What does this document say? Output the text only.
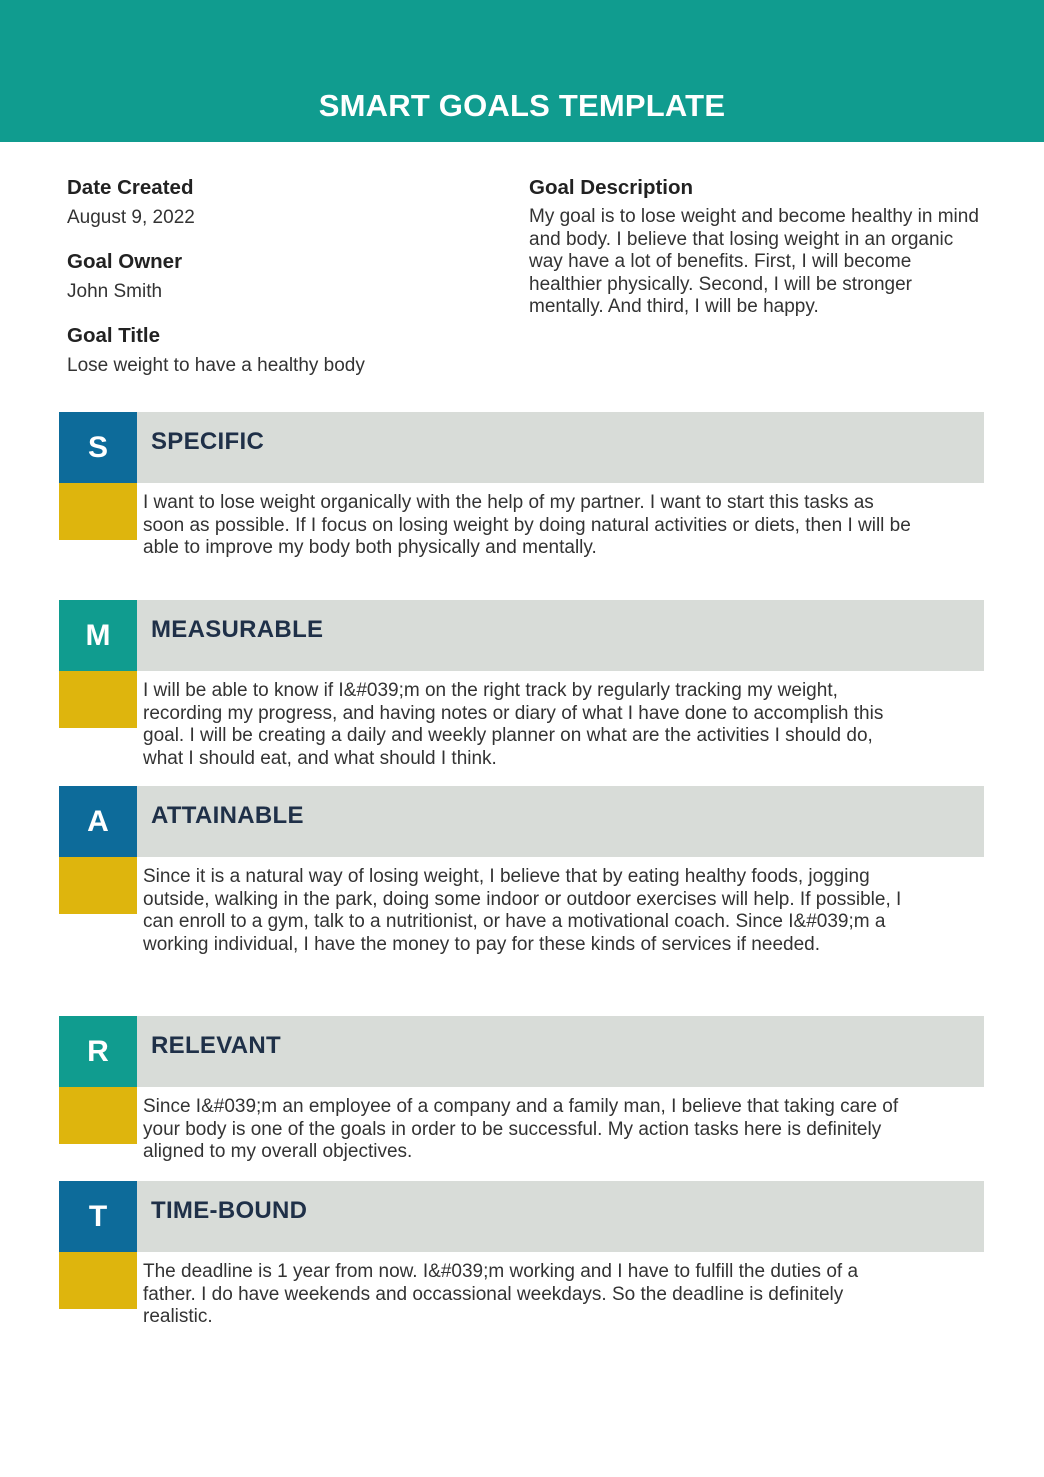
SMART GOALS TEMPLATE
Date Created
August 9, 2022
Goal Owner
John Smith
Goal Title
Lose weight to have a healthy body
Goal Description
My goal is to lose weight and become healthy in mind and body. I believe that losing weight in an organic way have a lot of benefits. First, I will become healthier physically. Second, I will be stronger mentally. And third, I will be happy.
S	SPECIFIC
I want to lose weight organically with the help of my partner. I want to start this tasks as soon as possible. If I focus on losing weight by doing natural activities or diets, then I will be able to improve my body both physically and mentally.
M	MEASURABLE
I will be able to know if I&#039;m on the right track by regularly tracking my weight, recording my progress, and having notes or diary of what I have done to accomplish this goal. I will be creating a daily and weekly planner on what are the activities I should do, what I should eat, and what should I think.
A	ATTAINABLE
Since it is a natural way of losing weight, I believe that by eating healthy foods, jogging outside, walking in the park, doing some indoor or outdoor exercises will help. If possible, I can enroll to a gym, talk to a nutritionist, or have a motivational coach. Since I&#039;m a working individual, I have the money to pay for these kinds of services if needed.
R	RELEVANT
Since I&#039;m an employee of a company and a family man, I believe that taking care of your body is one of the goals in order to be successful. My action tasks here is definitely aligned to my overall objectives.
T	TIME-BOUND
The deadline is 1 year from now. I&#039;m working and I have to fulfill the duties of a father. I do have weekends and occassional weekdays. So the deadline is definitely realistic.
